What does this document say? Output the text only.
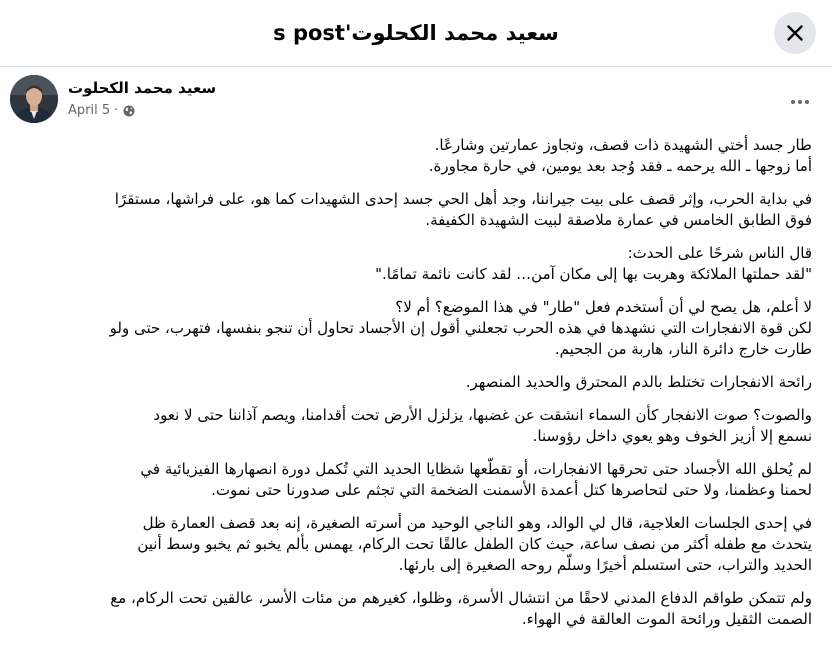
سعيد محمد الكحلوت's post
سعيد محمد الكحلوت
April 5 ·
طار جسد أختي الشهيدة ذات قصف، وتجاوز عمارتين وشارعًا.
أما زوجها ـ الله يرحمه ـ فقد وُجد بعد يومين، في حارة مجاورة.
في بداية الحرب، وإثر قصف على بيت جيراننا، وجد أهل الحي جسد إحدى الشهيدات كما هو، على فراشها، مستقرًا
فوق الطابق الخامس في عمارة ملاصقة لبيت الشهيدة الكفيفة.
قال الناس شرحًا على الحدث:
"لقد حملتها الملائكة وهربت بها إلى مكان آمن… لقد كانت نائمة تمامًا."
لا أعلم، هل يصح لي أن أستخدم فعل "طار" في هذا الموضع؟ أم لا؟
لكن قوة الانفجارات التي نشهدها في هذه الحرب تجعلني أقول إن الأجساد تحاول أن تنجو بنفسها، فتهرب، حتى ولو
طارت خارج دائرة النار، هاربة من الجحيم.
رائحة الانفجارات تختلط بالدم المحترق والحديد المنصهر.
والصوت؟ صوت الانفجار كأن السماء انشقت عن غضبها، يزلزل الأرض تحت أقدامنا، ويصم آذاننا حتى لا نعود
نسمع إلا أزيز الخوف وهو يعوي داخل رؤوسنا.
لم يُحلق الله الأجساد حتى تحرقها الانفجارات، أو تقطّعها شظايا الحديد التي تُكمل دورة انصهارها الفيزيائية في
لحمنا وعظمنا، ولا حتى لتحاصرها كتل أعمدة الأسمنت الضخمة التي تجثم على صدورنا حتى نموت.
في إحدى الجلسات العلاجية، قال لي الوالد، وهو الناجي الوحيد من أسرته الصغيرة، إنه بعد قصف العمارة ظل
يتحدث مع طفله أكثر من نصف ساعة، حيث كان الطفل عالقًا تحت الركام، يهمس بألم يخبو ثم يخبو وسط أنين
الحديد والتراب، حتى استسلم أخيرًا وسلّم روحه الصغيرة إلى بارئها.
ولم تتمكن طواقم الدفاع المدني لاحقًا من انتشال الأسرة، وظلوا، كغيرهم من مئات الأسر، عالقين تحت الركام، مع
الصمت الثقيل ورائحة الموت العالقة في الهواء.
